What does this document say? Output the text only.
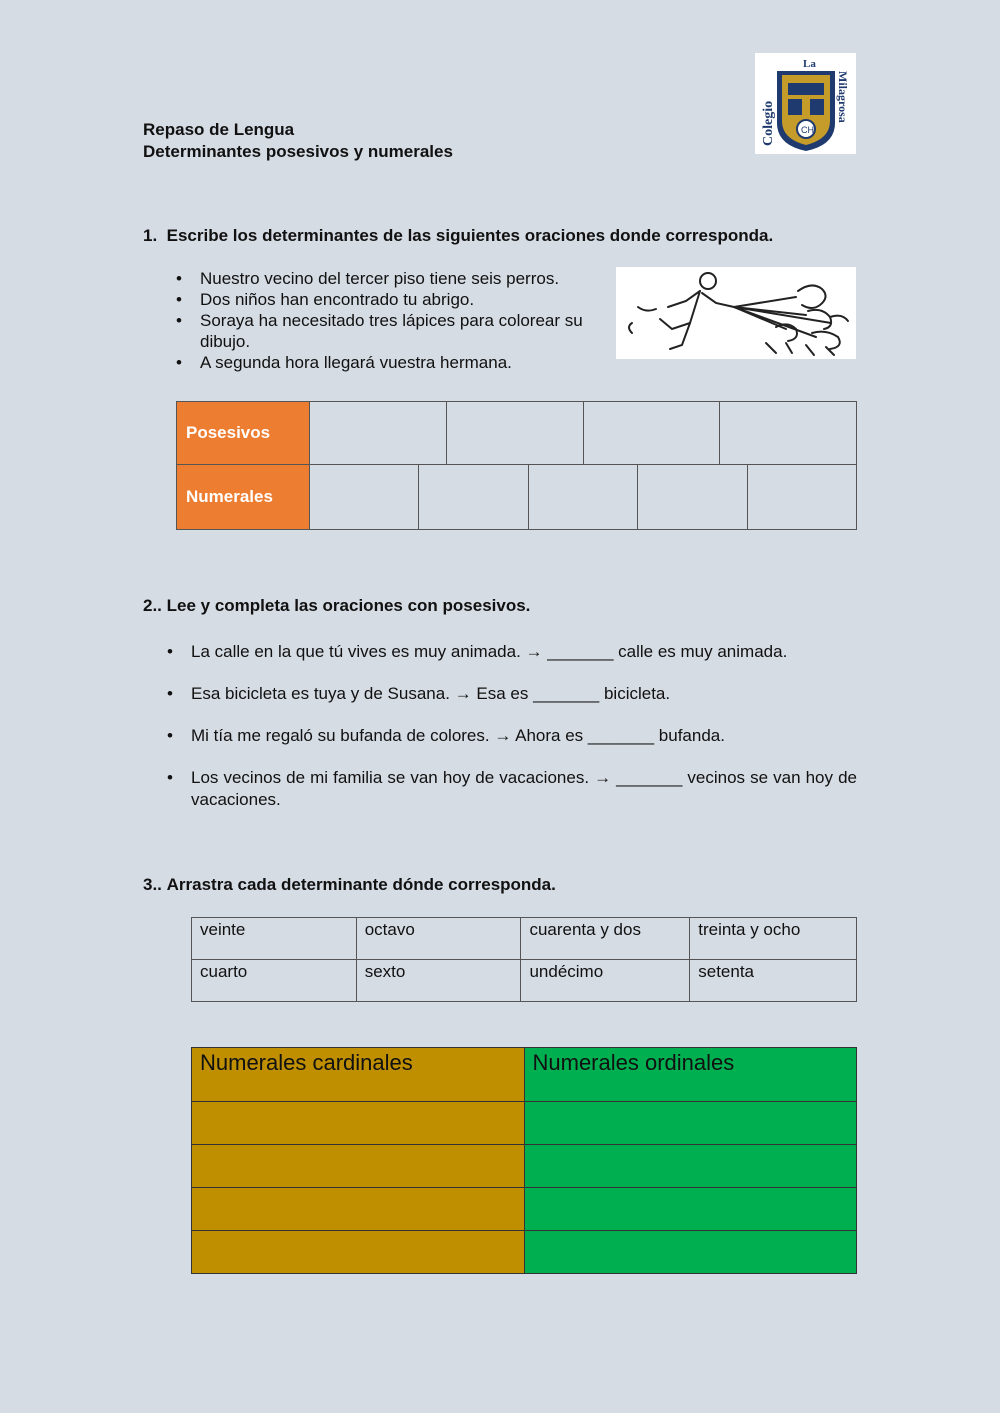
Repaso de Lengua
Determinantes posesivos y numerales
La
Colegio
Milagrosa
CH
1. Escribe los determinantes de las siguientes oraciones donde corresponda.
• Nuestro vecino del tercer piso tiene seis perros.
• Dos niños han encontrado tu abrigo.
• Soraya ha necesitado tres lápices para colorear su dibujo.
• A segunda hora llegará vuestra hermana.
Posesivos
Numerales
2.. Lee y completa las oraciones con posesivos.
• La calle en la que tú vives es muy animada. → _______ calle es muy animada.
• Esa bicicleta es tuya y de Susana. → Esa es _______ bicicleta.
• Mi tía me regaló su bufanda de colores. → Ahora es _______ bufanda.
• Los vecinos de mi familia se van hoy de vacaciones. → _______ vecinos se van hoy de vacaciones.
3.. Arrastra cada determinante dónde corresponda.
veinte	octavo	cuarenta y dos	treinta y ocho
cuarto	sexto	undécimo	setenta
Numerales cardinales	Numerales ordinales
